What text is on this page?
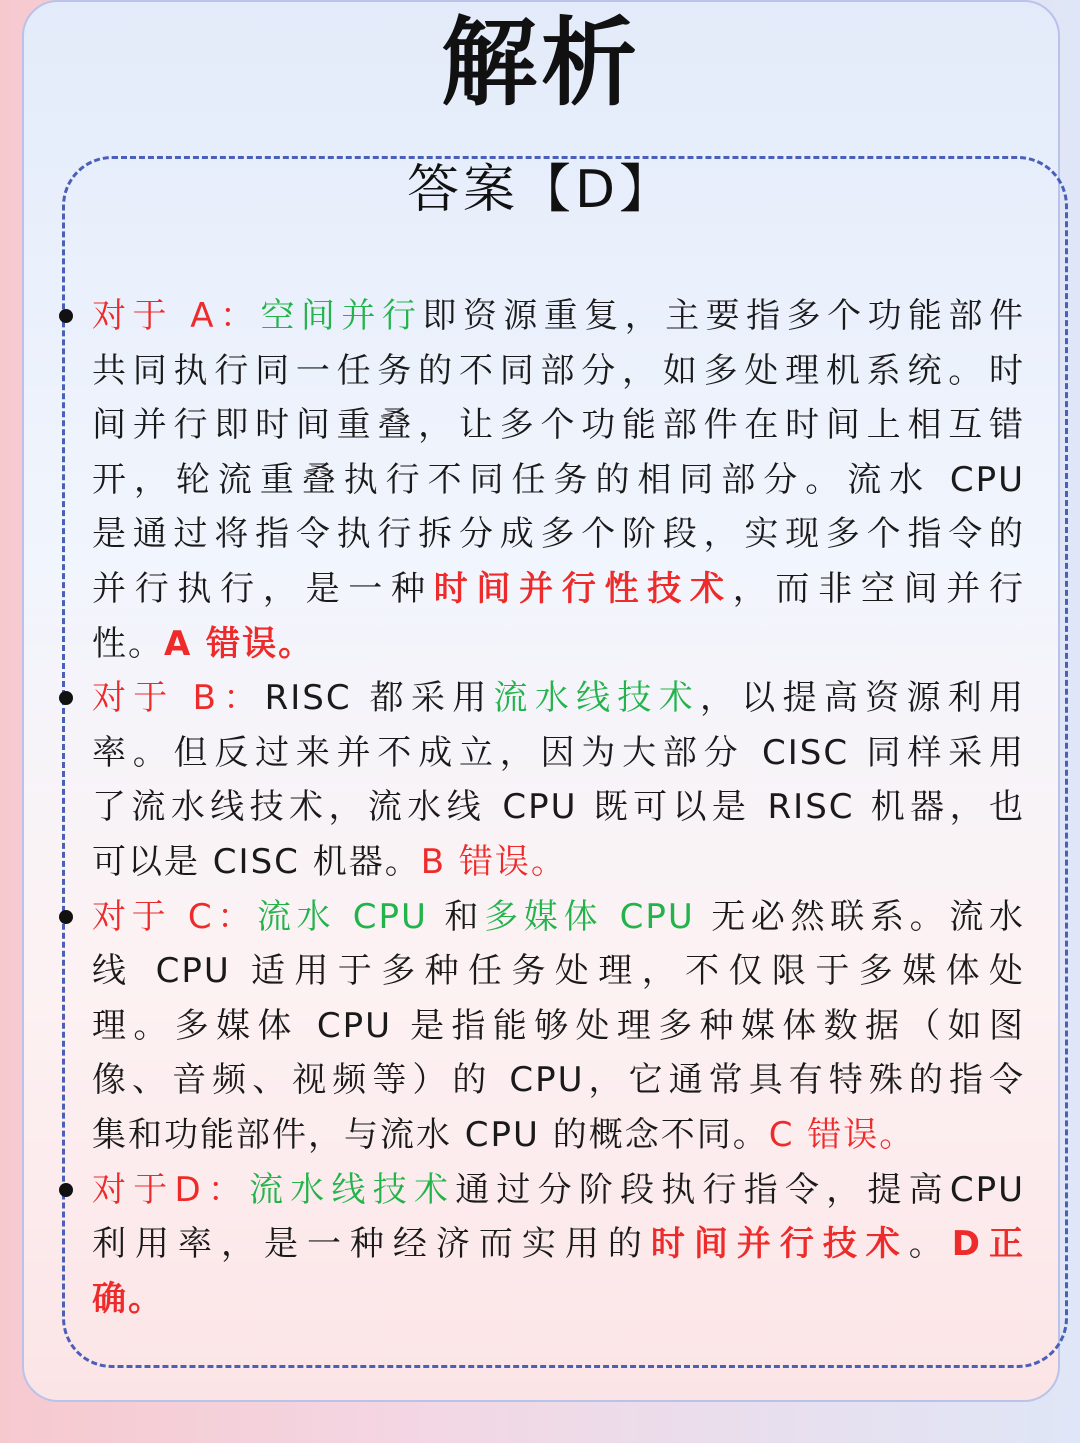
解析
答案【D】
对于 A：空间并行即资源重复，主要指多个功能部件
共同执行同一任务的不同部分，如多处理机系统。时
间并行即时间重叠，让多个功能部件在时间上相互错
开，轮流重叠执行不同任务的相同部分。流水 CPU
是通过将指令执行拆分成多个阶段，实现多个指令的
并行执行，是一种时间并行性技术，而非空间并行
性。A 错误。
对于 B：RISC 都采用流水线技术，以提高资源利用
率。但反过来并不成立，因为大部分 CISC 同样采用
了流水线技术，流水线 CPU 既可以是 RISC 机器，也
可以是 CISC 机器。B 错误。
对于 C：流水 CPU 和多媒体 CPU 无必然联系。流水
线 CPU 适用于多种任务处理，不仅限于多媒体处
理。多媒体 CPU 是指能够处理多种媒体数据（如图
像、音频、视频等）的 CPU，它通常具有特殊的指令
集和功能部件，与流水 CPU 的概念不同。C 错误。
对于D：流水线技术通过分阶段执行指令，提高CPU
利用率，是一种经济而实用的时间并行技术。D正
确。
